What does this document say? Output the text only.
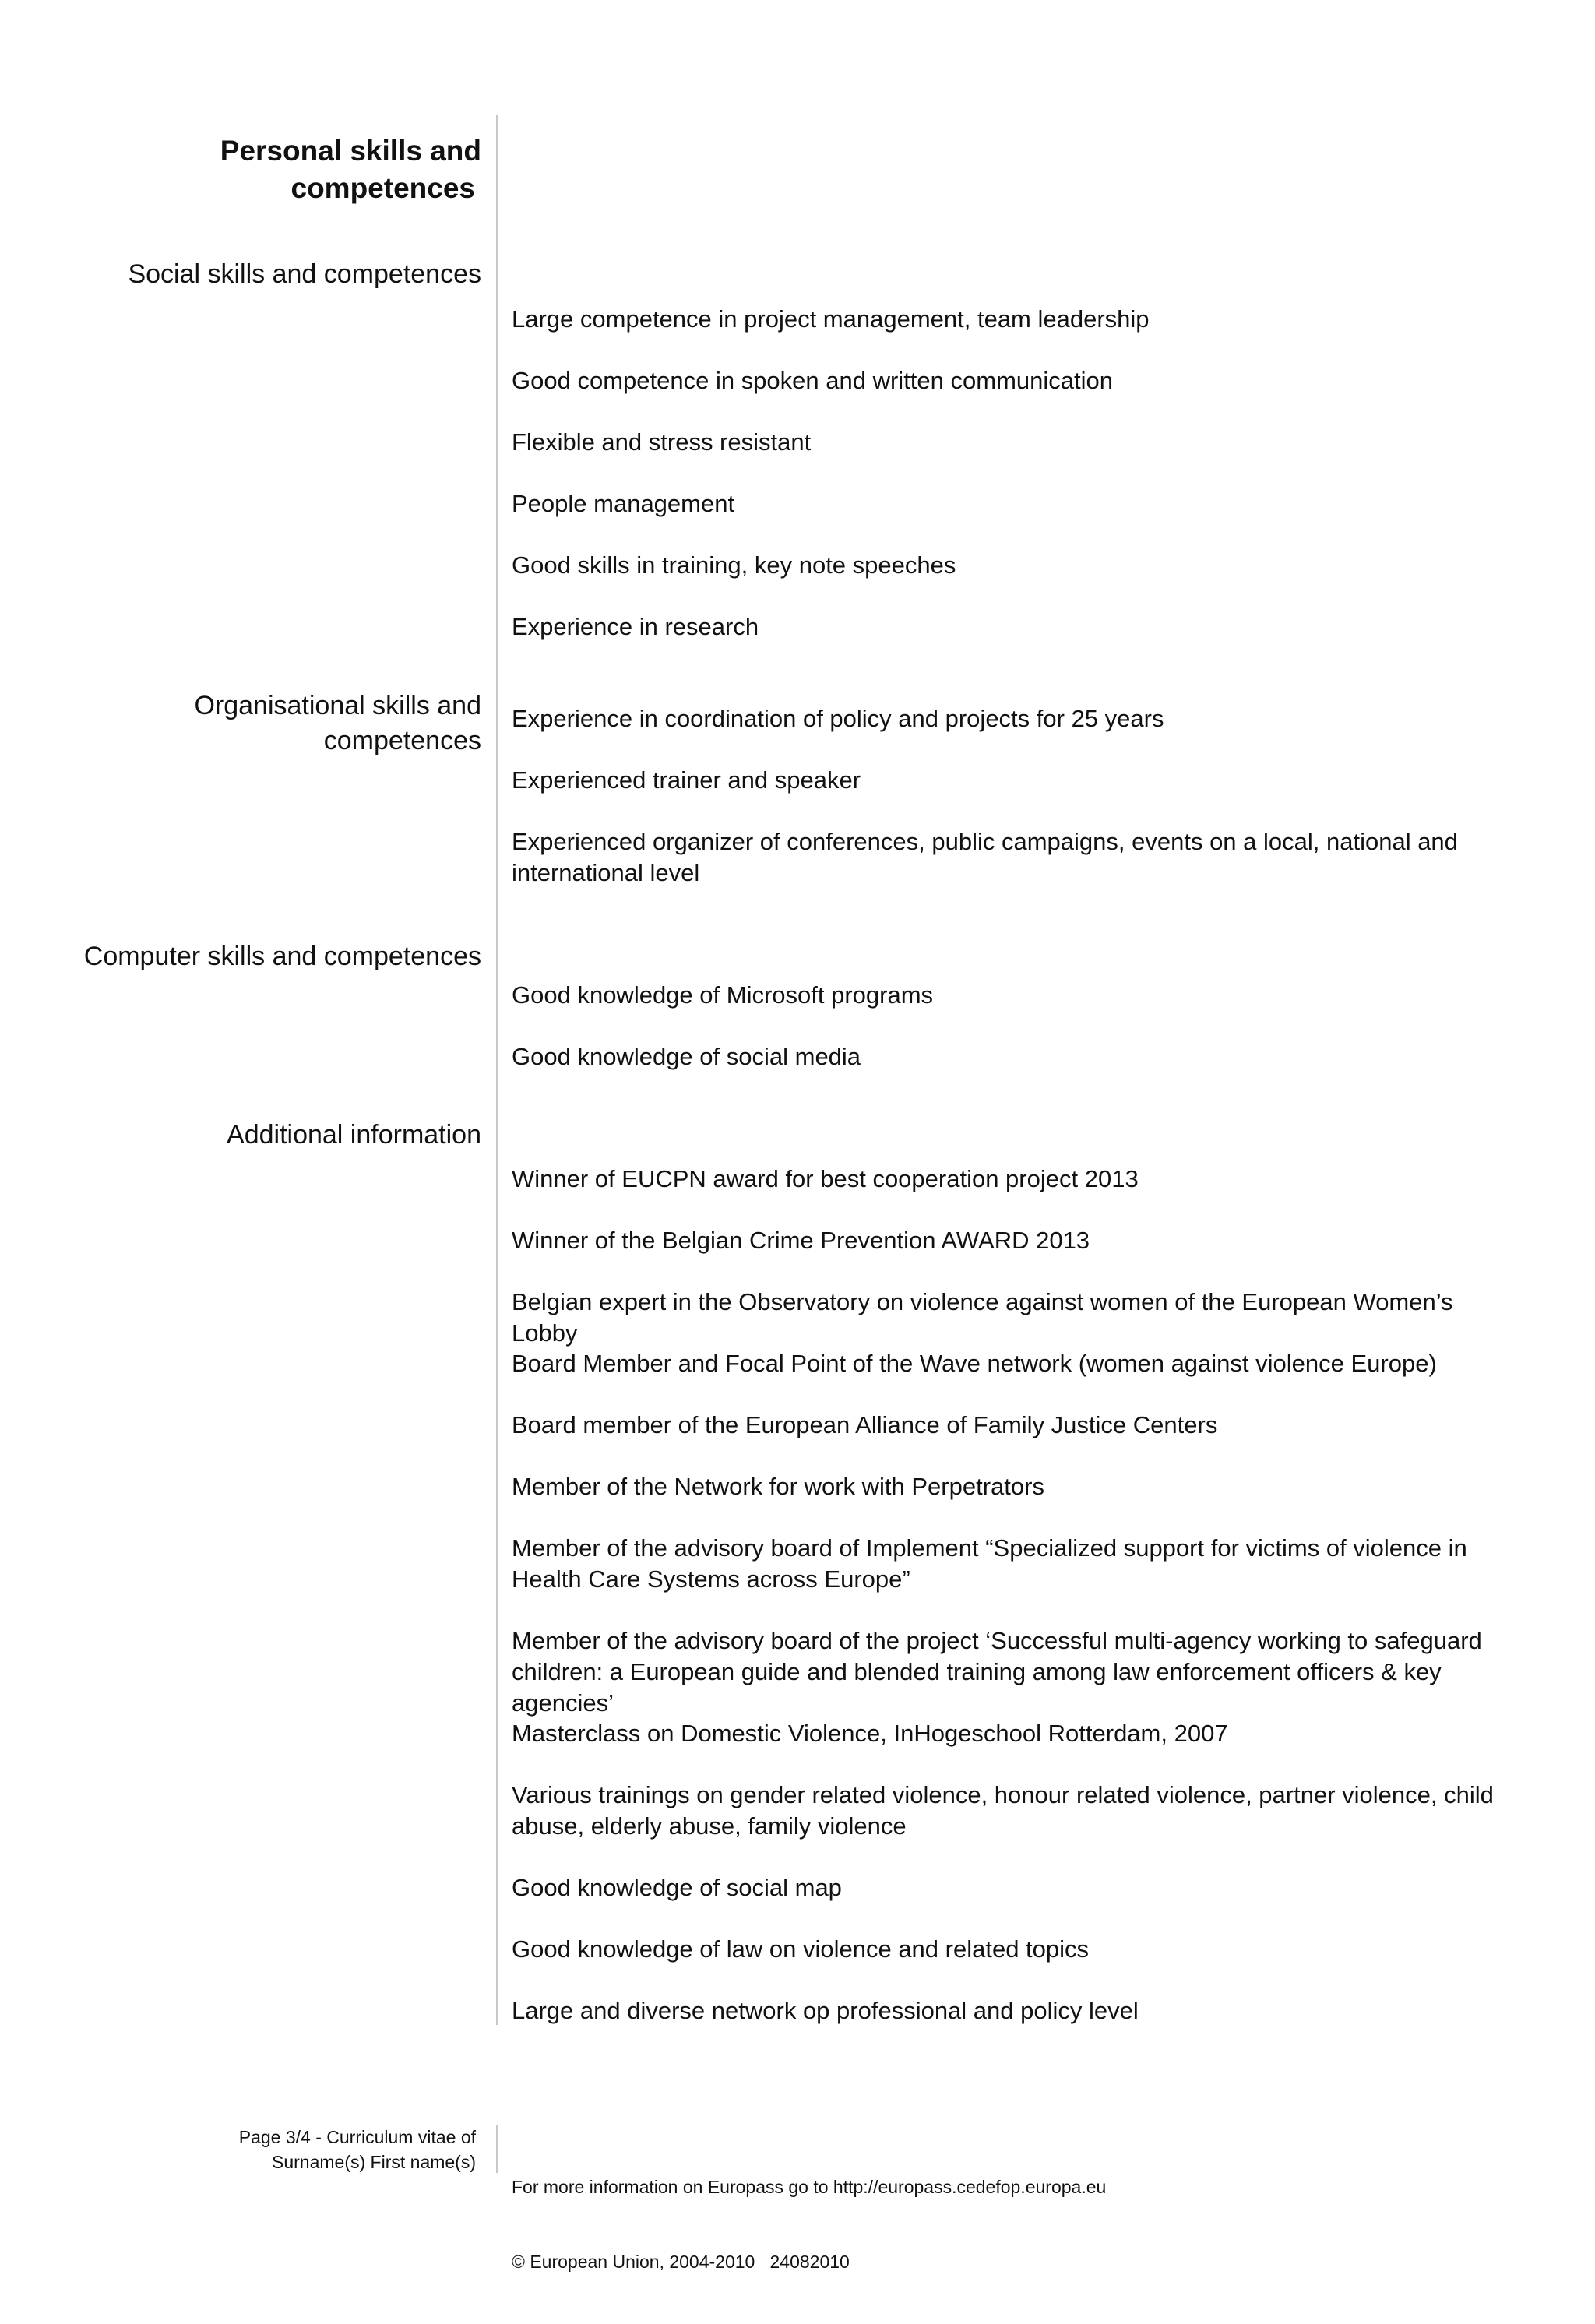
Personal skills and
competences
Social skills and competences
Large competence in project management, team leadership
Good competence in spoken and written communication
Flexible and stress resistant
People management
Good skills in training, key note speeches
Experience in research
Organisational skills and
competences
Experience in coordination of policy and projects for 25 years
Experienced trainer and speaker
Experienced organizer of conferences, public campaigns, events on a local, national and international level
Computer skills and competences
Good knowledge of Microsoft programs
Good knowledge of social media
Additional information
Winner of EUCPN award for best cooperation project 2013
Winner of the Belgian Crime Prevention AWARD 2013
Belgian expert in the Observatory on violence against women of the European Women’s Lobby
Board Member and Focal Point of the Wave network (women against violence Europe)
Board member of the European Alliance of Family Justice Centers
Member of the Network for work with Perpetrators
Member of the advisory board of Implement “Specialized support for victims of violence in Health Care Systems across Europe”
Member of the advisory board of the project ‘Successful multi-agency working to safeguard children: a European guide and blended training among law enforcement officers & key agencies’
Masterclass on Domestic Violence, InHogeschool Rotterdam, 2007
Various trainings on gender related violence, honour related violence, partner violence, child abuse, elderly abuse, family violence
Good knowledge of social map
Good knowledge of law on violence and related topics
Large and diverse network op professional and policy level
Page 3/4 - Curriculum vitae of
Surname(s) First name(s)

For more information on Europass go to http://europass.cedefop.europa.eu

© European Union, 2004-2010   24082010
